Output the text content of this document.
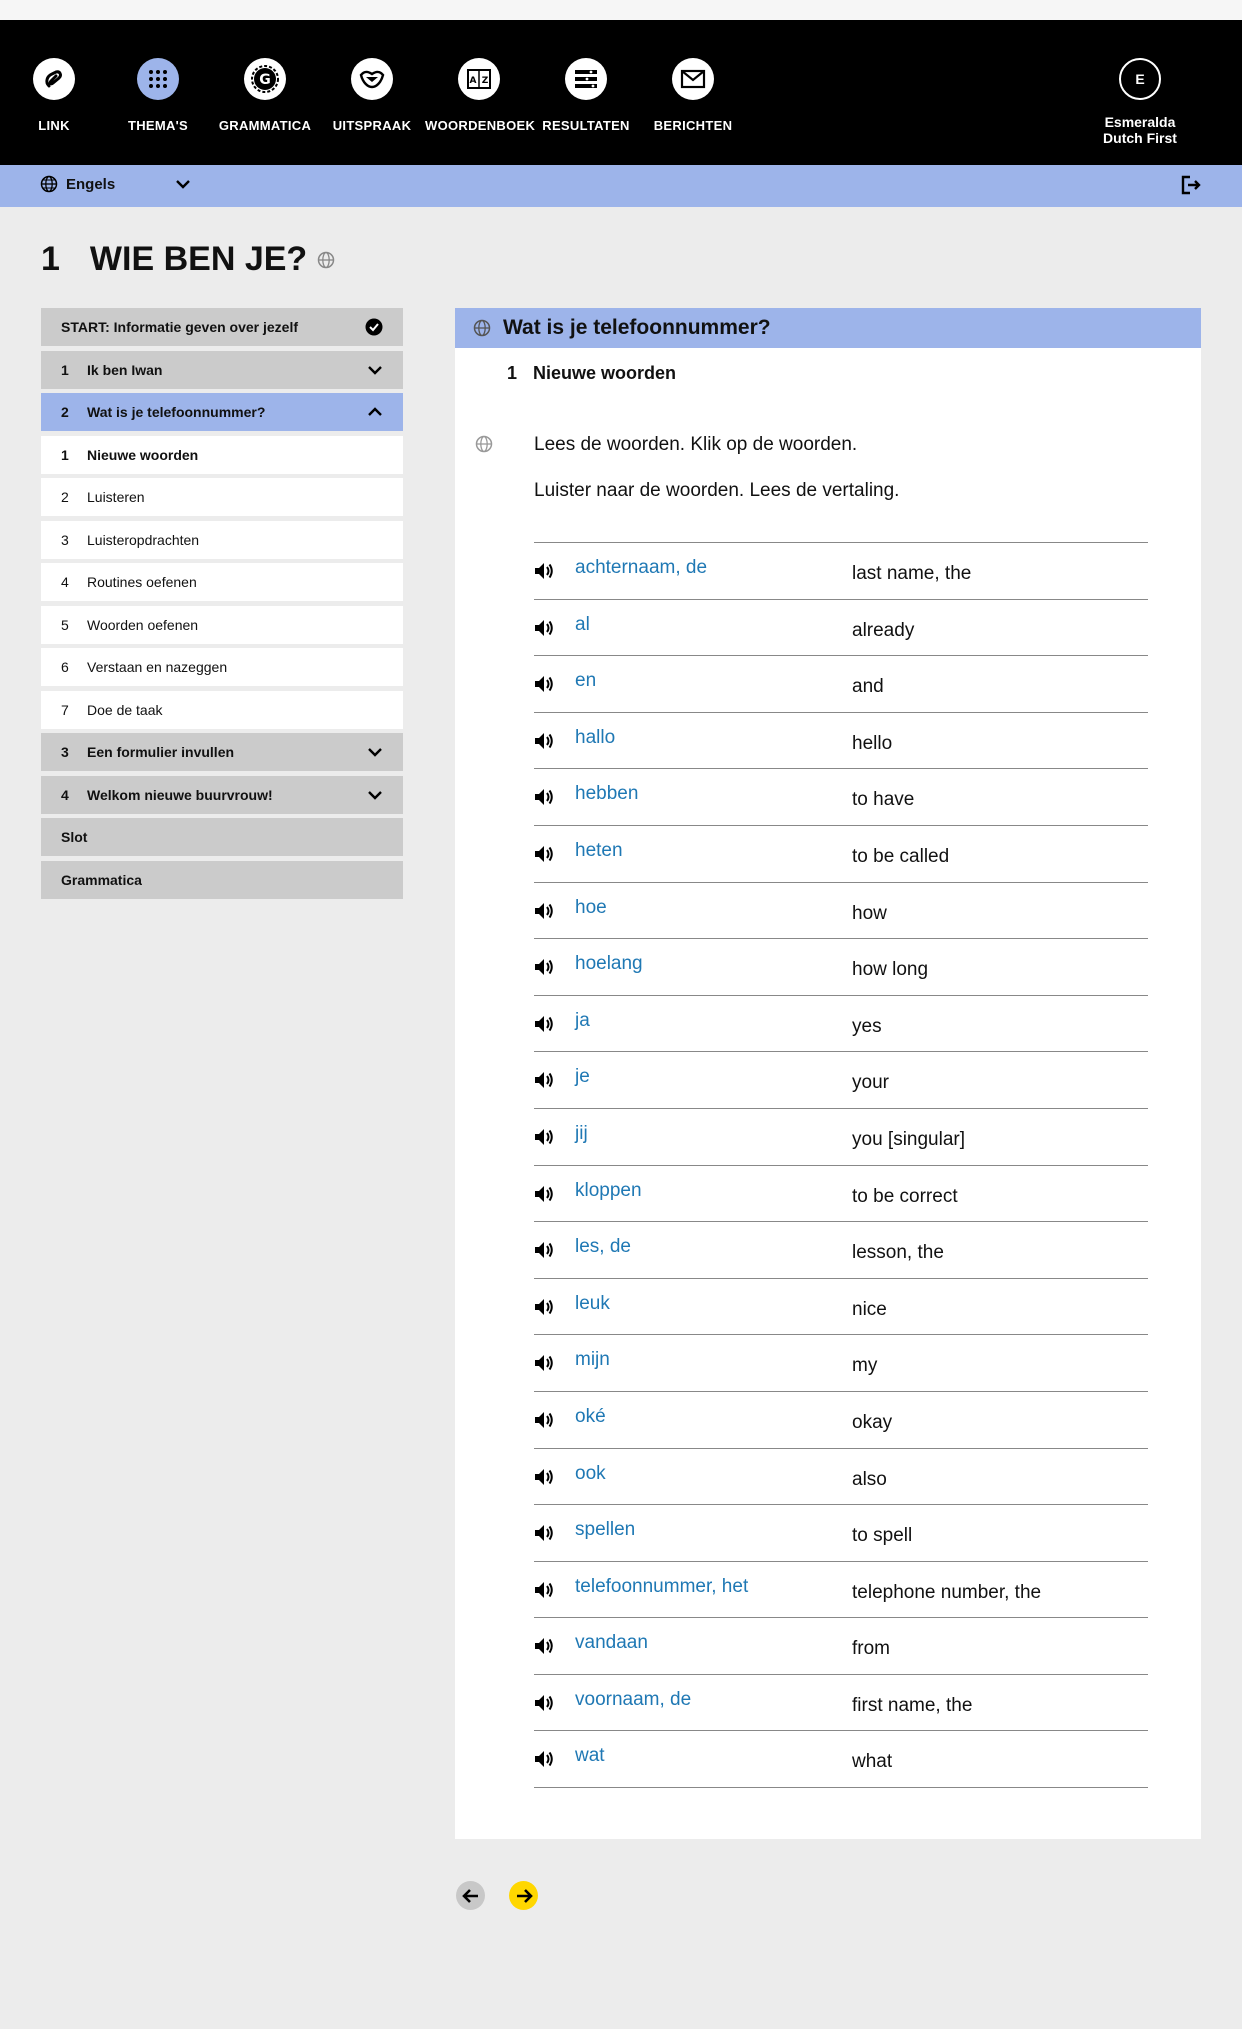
LINK	THEMA'S
G
GRAMMATICA	UITSPRAAK
A Z
WOORDENBOEK RESULTATEN	BERICHTEN
E
Esmeralda
Dutch First
Engels
1 WIE BEN JE?
START: Informatie geven over jezelf
1	Ik ben Iwan
2	Wat is je telefoonnummer?
1	Nieuwe woorden
2	Luisteren
3	Luisteropdrachten
4	Routines oefenen
5	Woorden oefenen
6	Verstaan en nazeggen
7	Doe de taak
3	Een formulier invullen
4	Welkom nieuwe buurvrouw!
Slot
Grammatica
Wat is je telefoonnummer?
1 Nieuwe woorden
Lees de woorden. Klik op de woorden.
Luister naar de woorden. Lees de vertaling.
achternaam, de	last name, the
al	already
en	and
hallo	hello
hebben	to have
heten	to be called
hoe	how
hoelang	how long
ja	yes
je	your
jij	you [singular]
kloppen	to be correct
les, de	lesson, the
leuk	nice
mijn	my
oké	okay
ook	also
spellen	to spell
telefoonnummer, het	telephone number, the
vandaan	from
voornaam, de	first name, the
wat	what
